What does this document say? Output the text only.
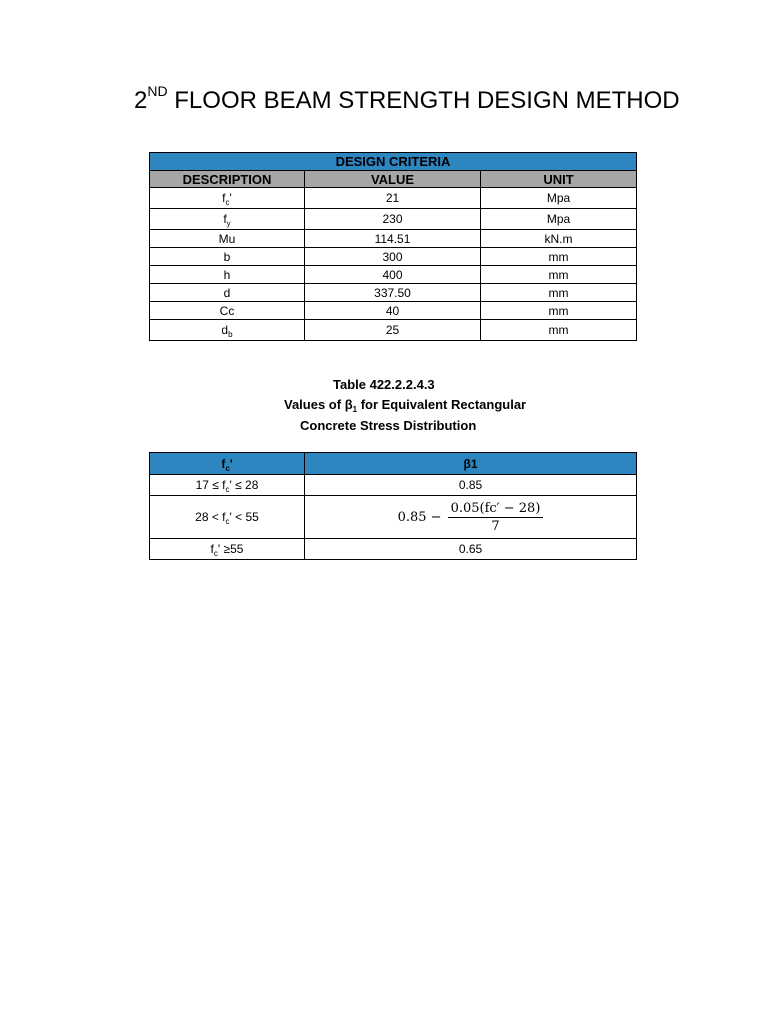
2ND FLOOR BEAM STRENGTH DESIGN METHOD
DESIGN CRITERIA		
DESCRIPTION	VALUE	UNIT
$f_c'$	21	Mpa
$f_y$	230	Mpa
Mu	114.51	kN.m
b	300	mm
h	400	mm
d	337.50	mm
Cc	40	mm
$d_b$	25	mm
Table 422.2.2.4.3
Values of $\beta_1$ for Equivalent Rectangular
Concrete Stress Distribution
$f_c'$	β1
$17 \le f_c' \le 28$	0.85
$28 < f_c' < 55$	$0.85 - \frac{0.05(fc' - 28)}{7}$

$f_c' \ge 55$	0.65
